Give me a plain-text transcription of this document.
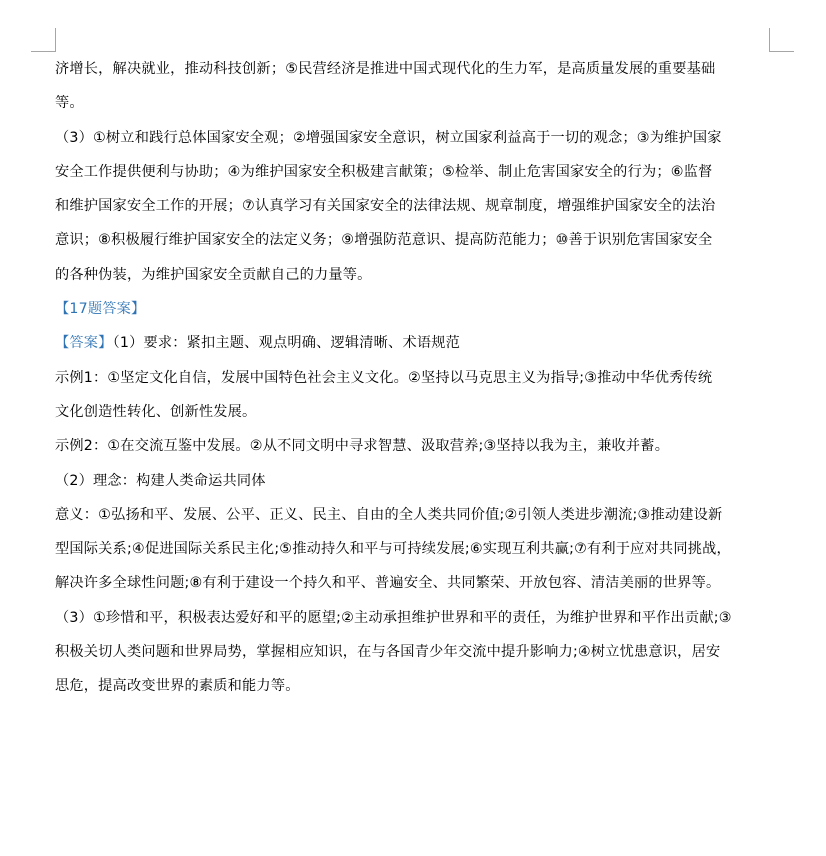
济增长，解决就业，推动科技创新；⑤民营经济是推进中国式现代化的生力军，是高质量发展的重要基础

等。

（3）①树立和践行总体国家安全观；②增强国家安全意识，树立国家利益高于一切的观念；③为维护国家

安全工作提供便利与协助；④为维护国家安全积极建言献策；⑤检举、制止危害国家安全的行为；⑥监督

和维护国家安全工作的开展；⑦认真学习有关国家安全的法律法规、规章制度，增强维护国家安全的法治

意识；⑧积极履行维护国家安全的法定义务；⑨增强防范意识、提高防范能力；⑩善于识别危害国家安全

的各种伪装，为维护国家安全贡献自己的力量等。

【17题答案】

【答案】（1）要求：紧扣主题、观点明确、逻辑清晰、术语规范

示例1：①坚定文化自信，发展中国特色社会主义文化。②坚持以马克思主义为指导;③推动中华优秀传统

文化创造性转化、创新性发展。

示例2：①在交流互鉴中发展。②从不同文明中寻求智慧、汲取营养;③坚持以我为主，兼收并蓄。

（2）理念：构建人类命运共同体

意义：①弘扬和平、发展、公平、正义、民主、自由的全人类共同价值;②引领人类进步潮流;③推动建设新

型国际关系;④促进国际关系民主化;⑤推动持久和平与可持续发展;⑥实现互利共赢;⑦有利于应对共同挑战，

解决许多全球性问题;⑧有利于建设一个持久和平、普遍安全、共同繁荣、开放包容、清洁美丽的世界等。

（3）①珍惜和平，积极表达爱好和平的愿望;②主动承担维护世界和平的责任，为维护世界和平作出贡献;③

积极关切人类问题和世界局势，掌握相应知识，在与各国青少年交流中提升影响力;④树立忧患意识，居安

思危，提高改变世界的素质和能力等。
